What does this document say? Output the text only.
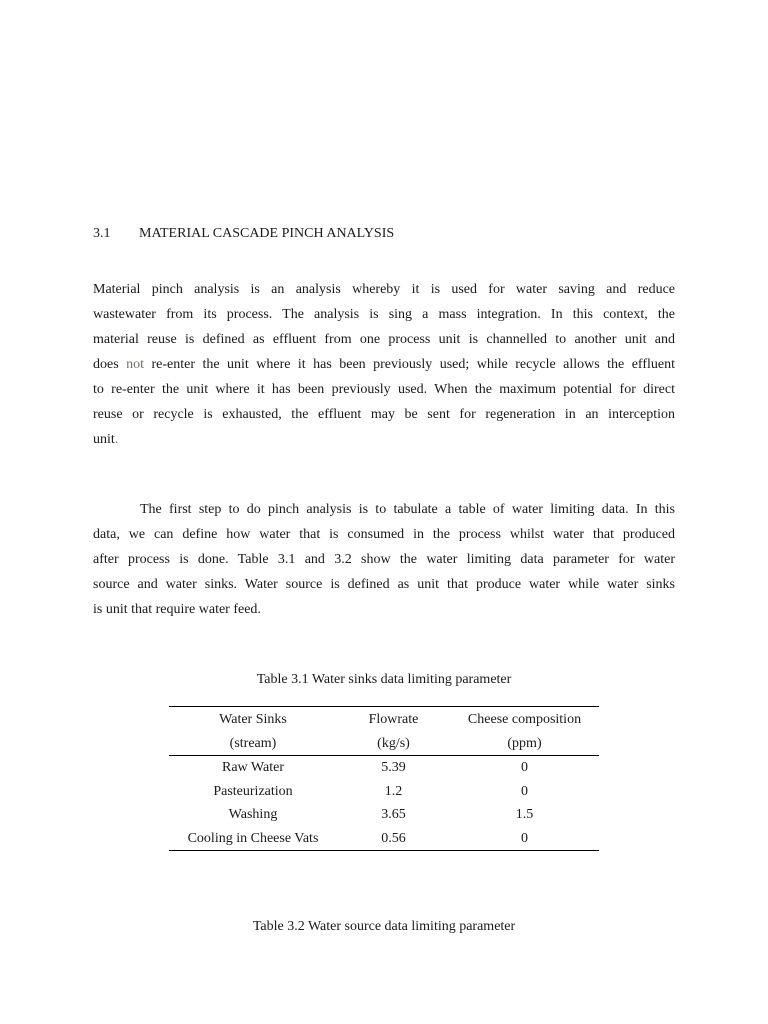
3.1 MATERIAL CASCADE PINCH ANALYSIS
Material pinch analysis is an analysis whereby it is used for water saving and reduce
wastewater from its process. The analysis is sing a mass integration. In this context, the
material reuse is defined as effluent from one process unit is channelled to another unit and
does not re-enter the unit where it has been previously used; while recycle allows the effluent
to re-enter the unit where it has been previously used. When the maximum potential for direct
reuse or recycle is exhausted, the effluent may be sent for regeneration in an interception
unit.
The first step to do pinch analysis is to tabulate a table of water limiting data. In this
data, we can define how water that is consumed in the process whilst water that produced
after process is done. Table 3.1 and 3.2 show the water limiting data parameter for water
source and water sinks. Water source is defined as unit that produce water while water sinks
is unit that require water feed.
Table 3.1 Water sinks data limiting parameter
Water Sinks	Flowrate	Cheese composition
(stream)	(kg/s)	(ppm)
Raw Water	5.39	0
Pasteurization	1.2	0
Washing	3.65	1.5
Cooling in Cheese Vats	0.56	0
Table 3.2 Water source data limiting parameter
